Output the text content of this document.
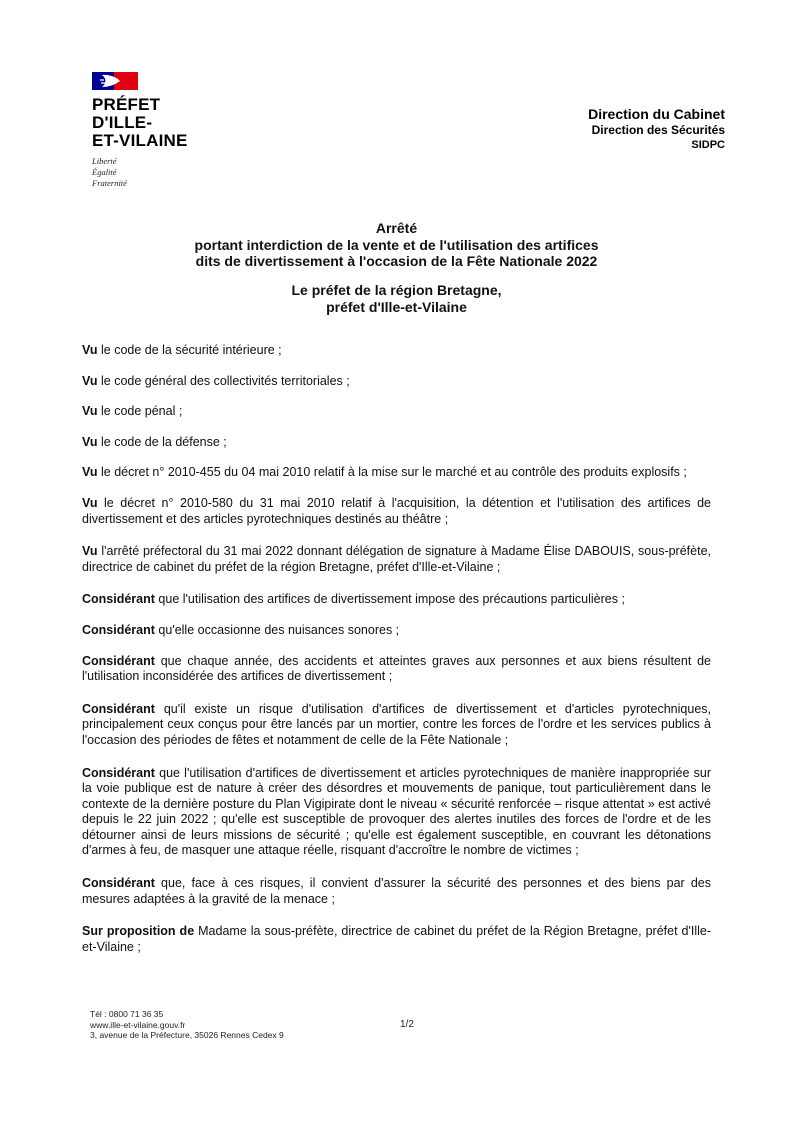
PRÉFET
D'ILLE-
ET-VILAINE
Liberté
Égalité
Fraternité
Direction du Cabinet
Direction des Sécurités
SIDPC
Arrêté
portant interdiction de la vente et de l'utilisation des artifices
dits de divertissement à l'occasion de la Fête Nationale 2022
Le préfet de la région Bretagne,
préfet d'Ille-et-Vilaine

Vu le code de la sécurité intérieure ;

Vu le code général des collectivités territoriales ;

Vu le code pénal ;

Vu le code de la défense ;

Vu le décret n° 2010-455 du 04 mai 2010 relatif à la mise sur le marché et au contrôle des produits explosifs ;

Vu le décret n° 2010-580 du 31 mai 2010 relatif à l'acquisition, la détention et l'utilisation des artifices de divertissement et des articles pyrotechniques destinés au théâtre ;

Vu l'arrêté préfectoral du 31 mai 2022 donnant délégation de signature à Madame Élise DABOUIS, sous-préfète, directrice de cabinet du préfet de la région Bretagne, préfet d'Ille-et-Vilaine ;

Considérant que l'utilisation des artifices de divertissement impose des précautions particulières ;

Considérant qu'elle occasionne des nuisances sonores ;

Considérant que chaque année, des accidents et atteintes graves aux personnes et aux biens résultent de l'utilisation inconsidérée des artifices de divertissement ;

Considérant qu'il existe un risque d'utilisation d'artifices de divertissement et d'articles pyrotechniques, principalement ceux conçus pour être lancés par un mortier, contre les forces de l'ordre et les services publics à l'occasion des périodes de fêtes et notamment de celle de la Fête Nationale ;

Considérant que l'utilisation d'artifices de divertissement et articles pyrotechniques de manière inappropriée sur la voie publique est de nature à créer des désordres et mouvements de panique, tout particulièrement dans le contexte de la dernière posture du Plan Vigipirate dont le niveau « sécurité renforcée – risque attentat » est activé depuis le 22 juin 2022 ; qu'elle est susceptible de provoquer des alertes inutiles des forces de l'ordre et de les détourner ainsi de leurs missions de sécurité ; qu'elle est également susceptible, en couvrant les détonations d'armes à feu, de masquer une attaque réelle, risquant d'accroître le nombre de victimes ;

Considérant que, face à ces risques, il convient d'assurer la sécurité des personnes et des biens par des mesures adaptées à la gravité de la menace ;

Sur proposition de Madame la sous-préfète, directrice de cabinet du préfet de la Région Bretagne, préfet d'Ille-et-Vilaine ;

Tél : 0800 71 36 35
www.ille-et-vilaine.gouv.fr
3, avenue de la Préfecture, 35026 Rennes Cedex 9
1/2
